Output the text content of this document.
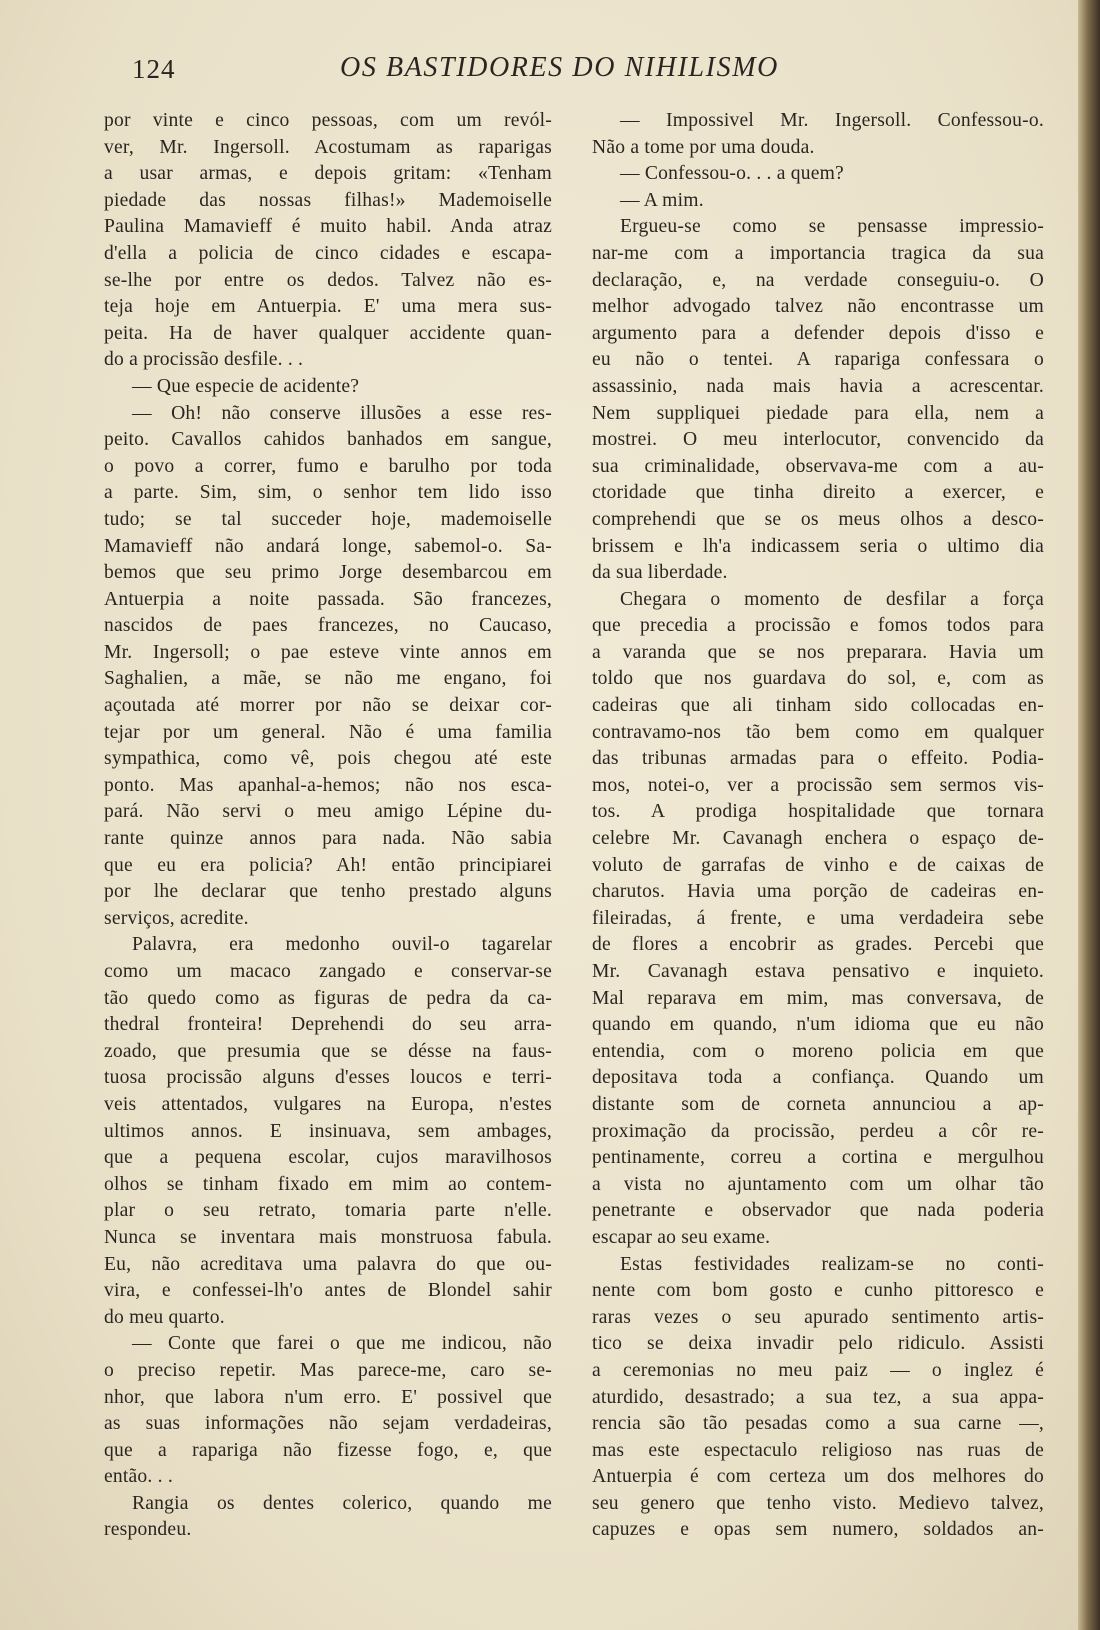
124	OS BASTIDORES DO NIHILISMO
por vinte e cinco pessoas, com um revól-
ver, Mr. Ingersoll. Acostumam as raparigas
a usar armas, e depois gritam: «Tenham
piedade das nossas filhas!» Mademoiselle
Paulina Mamavieff é muito habil. Anda atraz
d'ella a policia de cinco cidades e escapa-
se-lhe por entre os dedos. Talvez não es-
teja hoje em Antuerpia. E' uma mera sus-
peita. Ha de haver qualquer accidente quan-
do a procissão desfile. . .
— Que especie de acidente?
— Oh! não conserve illusões a esse res-
peito. Cavallos cahidos banhados em sangue,
o povo a correr, fumo e barulho por toda
a parte. Sim, sim, o senhor tem lido isso
tudo; se tal succeder hoje, mademoiselle
Mamavieff não andará longe, sabemol-o. Sa-
bemos que seu primo Jorge desembarcou em
Antuerpia a noite passada. São francezes,
nascidos de paes francezes, no Caucaso,
Mr. Ingersoll; o pae esteve vinte annos em
Saghalien, a mãe, se não me engano, foi
açoutada até morrer por não se deixar cor-
tejar por um general. Não é uma familia
sympathica, como vê, pois chegou até este
ponto. Mas apanhal-a-hemos; não nos esca-
pará. Não servi o meu amigo Lépine du-
rante quinze annos para nada. Não sabia
que eu era policia? Ah! então principiarei
por lhe declarar que tenho prestado alguns
serviços, acredite.
Palavra, era medonho ouvil-o tagarelar
como um macaco zangado e conservar-se
tão quedo como as figuras de pedra da ca-
thedral fronteira! Deprehendi do seu arra-
zoado, que presumia que se désse na faus-
tuosa procissão alguns d'esses loucos e terri-
veis attentados, vulgares na Europa, n'estes
ultimos annos. E insinuava, sem ambages,
que a pequena escolar, cujos maravilhosos
olhos se tinham fixado em mim ao contem-
plar o seu retrato, tomaria parte n'elle.
Nunca se inventara mais monstruosa fabula.
Eu, não acreditava uma palavra do que ou-
vira, e confessei-lh'o antes de Blondel sahir
do meu quarto.
— Conte que farei o que me indicou, não
o preciso repetir. Mas parece-me, caro se-
nhor, que labora n'um erro. E' possivel que
as suas informações não sejam verdadeiras,
que a rapariga não fizesse fogo, e, que
então. . .
Rangia os dentes colerico, quando me
respondeu.
— Impossivel Mr. Ingersoll. Confessou-o.
Não a tome por uma douda.
— Confessou-o. . . a quem?
— A mim.
Ergueu-se como se pensasse impressio-
nar-me com a importancia tragica da sua
declaração, e, na verdade conseguiu-o. O
melhor advogado talvez não encontrasse um
argumento para a defender depois d'isso e
eu não o tentei. A rapariga confessara o
assassinio, nada mais havia a acrescentar.
Nem suppliquei piedade para ella, nem a
mostrei. O meu interlocutor, convencido da
sua criminalidade, observava-me com a au-
ctoridade que tinha direito a exercer, e
comprehendi que se os meus olhos a desco-
brissem e lh'a indicassem seria o ultimo dia
da sua liberdade.
Chegara o momento de desfilar a força
que precedia a procissão e fomos todos para
a varanda que se nos preparara. Havia um
toldo que nos guardava do sol, e, com as
cadeiras que ali tinham sido collocadas en-
contravamo-nos tão bem como em qualquer
das tribunas armadas para o effeito. Podia-
mos, notei-o, ver a procissão sem sermos vis-
tos. A prodiga hospitalidade que tornara
celebre Mr. Cavanagh enchera o espaço de-
voluto de garrafas de vinho e de caixas de
charutos. Havia uma porção de cadeiras en-
fileiradas, á frente, e uma verdadeira sebe
de flores a encobrir as grades. Percebi que
Mr. Cavanagh estava pensativo e inquieto.
Mal reparava em mim, mas conversava, de
quando em quando, n'um idioma que eu não
entendia, com o moreno policia em que
depositava toda a confiança. Quando um
distante som de corneta annunciou a ap-
proximação da procissão, perdeu a côr re-
pentinamente, correu a cortina e mergulhou
a vista no ajuntamento com um olhar tão
penetrante e observador que nada poderia
escapar ao seu exame.
Estas festividades realizam-se no conti-
nente com bom gosto e cunho pittoresco e
raras vezes o seu apurado sentimento artis-
tico se deixa invadir pelo ridiculo. Assisti
a ceremonias no meu paiz — o inglez é
aturdido, desastrado; a sua tez, a sua appa-
rencia são tão pesadas como a sua carne —,
mas este espectaculo religioso nas ruas de
Antuerpia é com certeza um dos melhores do
seu genero que tenho visto. Medievo talvez,
capuzes e opas sem numero, soldados an-
